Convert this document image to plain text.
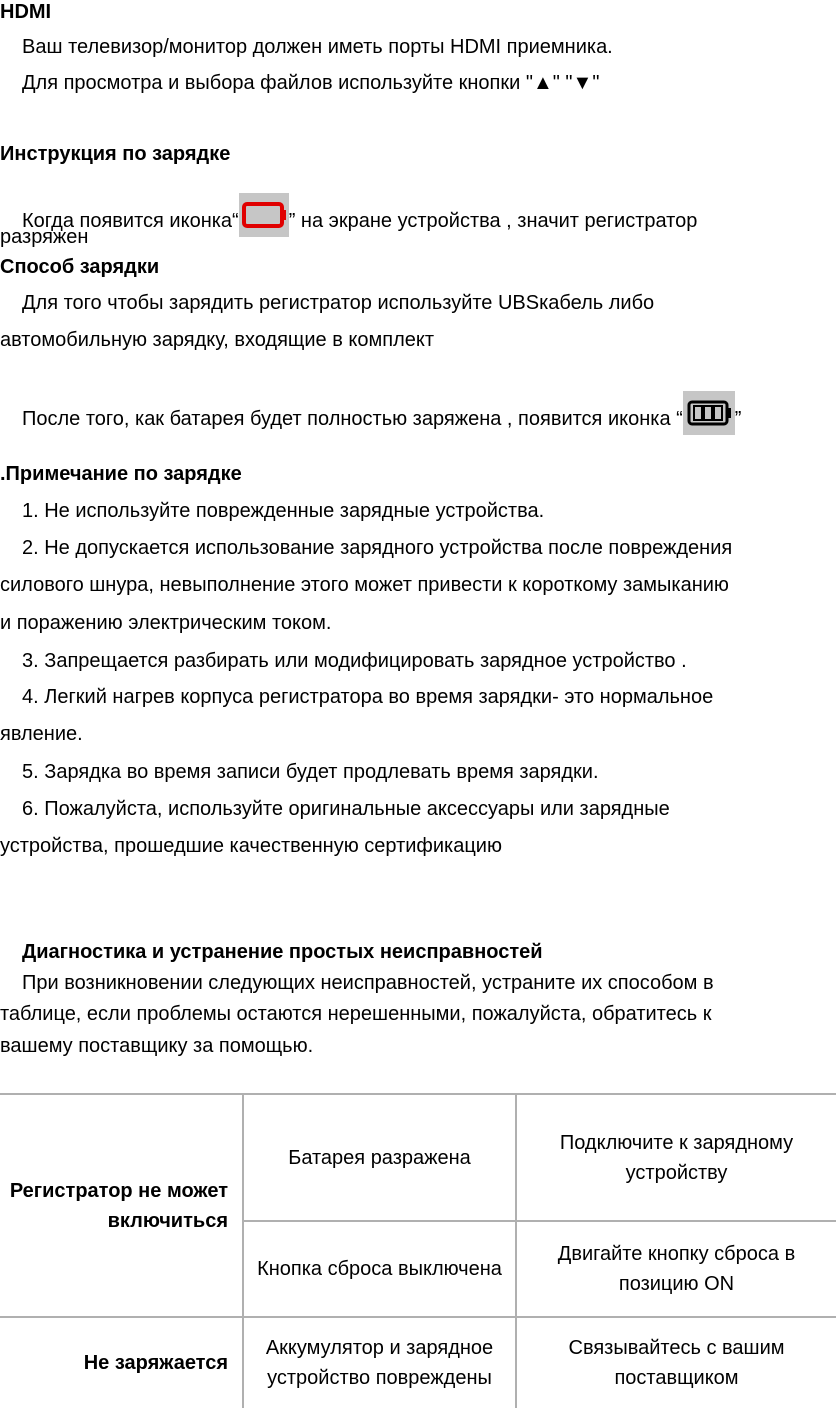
HDMI
Ваш телевизор/монитор должен иметь порты HDMI приемника.
Для просмотра и выбора файлов используйте кнопки "▲" "▼"
Инструкция по зарядке
Когда появится иконка“	” на экране устройства , значит регистратор
разряжен
Способ зарядки
Для того чтобы зарядить регистратор используйте UBSкабель либо
автомобильную зарядку, входящие в комплект
После того, как батарея будет полностью заряжена , появится иконка “	”
.Примечание по зарядке
1. Не используйте поврежденные зарядные устройства.
2. Не допускается использование зарядного устройства после повреждения
силового шнура, невыполнение этого может привести к короткому замыканию
и поражению электрическим током.
3. Запрещается разбирать или модифицировать зарядное устройство .
4. Легкий нагрев корпуса регистратора во время зарядки- это нормальное
явление.
5. Зарядка во время записи будет продлевать время зарядки.
6. Пожалуйста, используйте оригинальные аксессуары или зарядные
устройства, прошедшие качественную сертификацию
Диагностика и устранение простых неисправностей
При возникновении следующих неисправностей, устраните их способом в
таблице, если проблемы остаются нерешенными, пожалуйста, обратитесь к
вашему поставщику за помощью.
Регистратор не может включиться	Батарея разражена	Подключите к зарядному устройству
	Кнопка сброса выключена	Двигайте кнопку сброса в позицию ON
Не заряжается	Аккумулятор и зарядное устройство повреждены	Связывайтесь с вашим поставщиком
